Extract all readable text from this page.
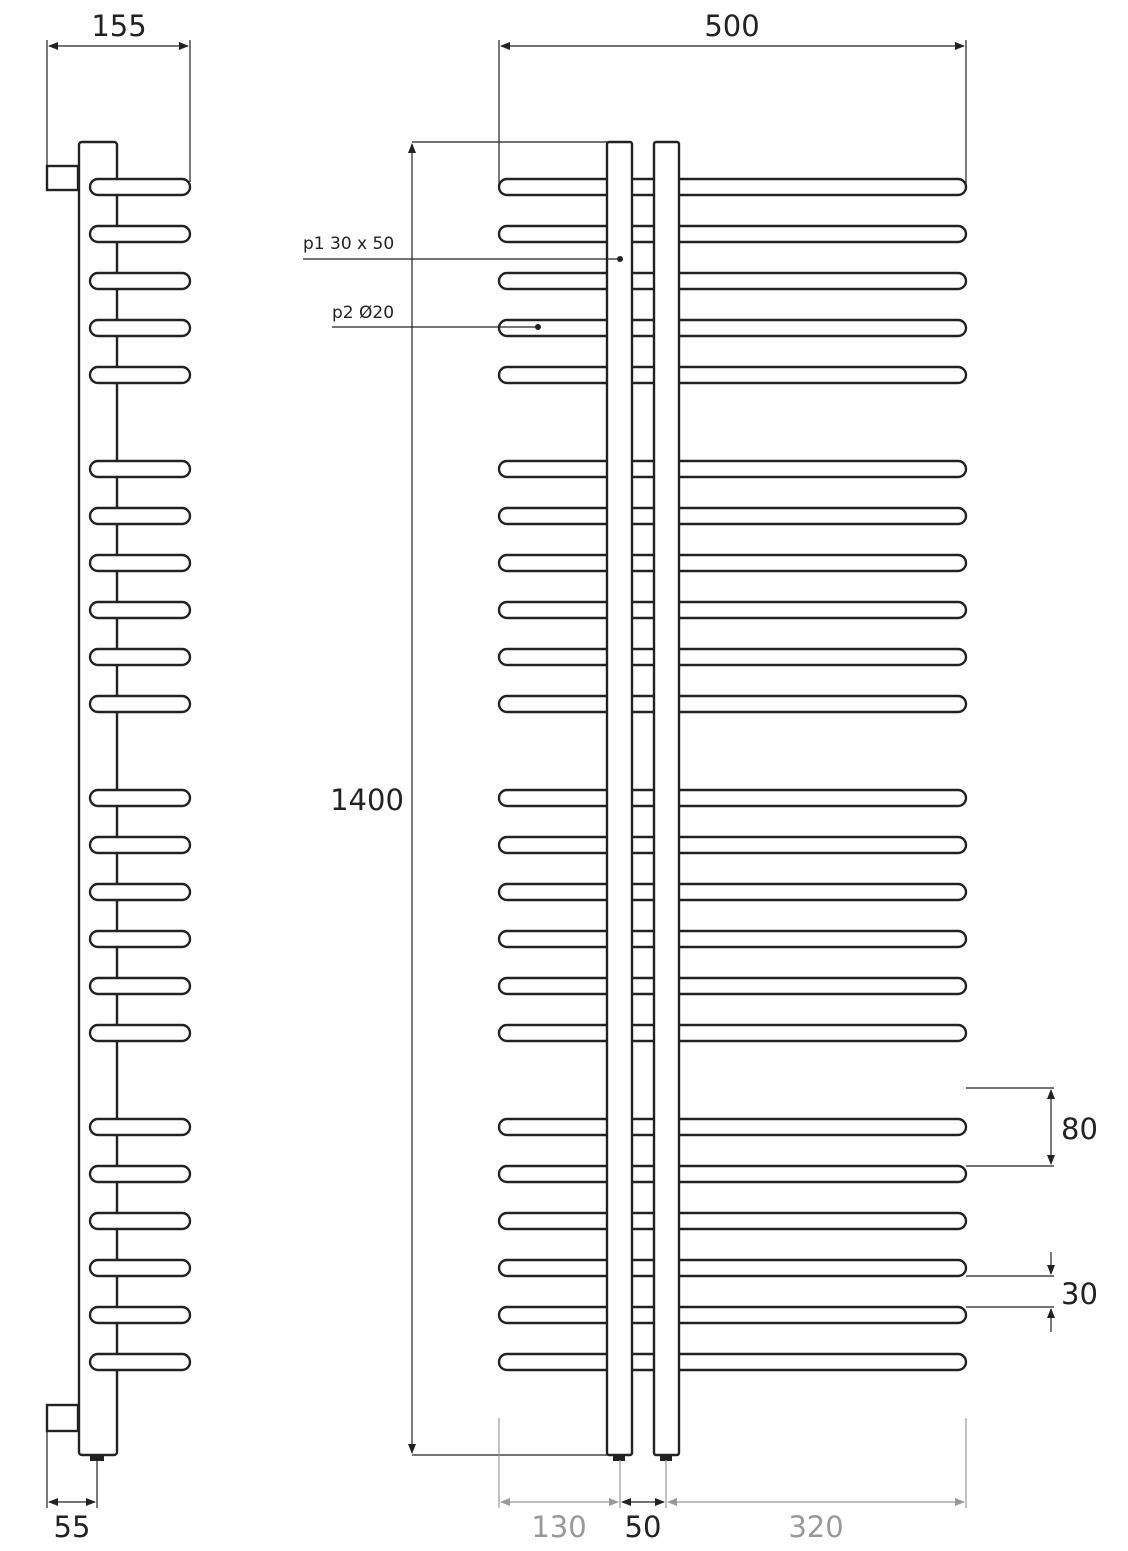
155
55
500
1400
p1 30 x 50
p2 Ø20
80
30
130 50	320
